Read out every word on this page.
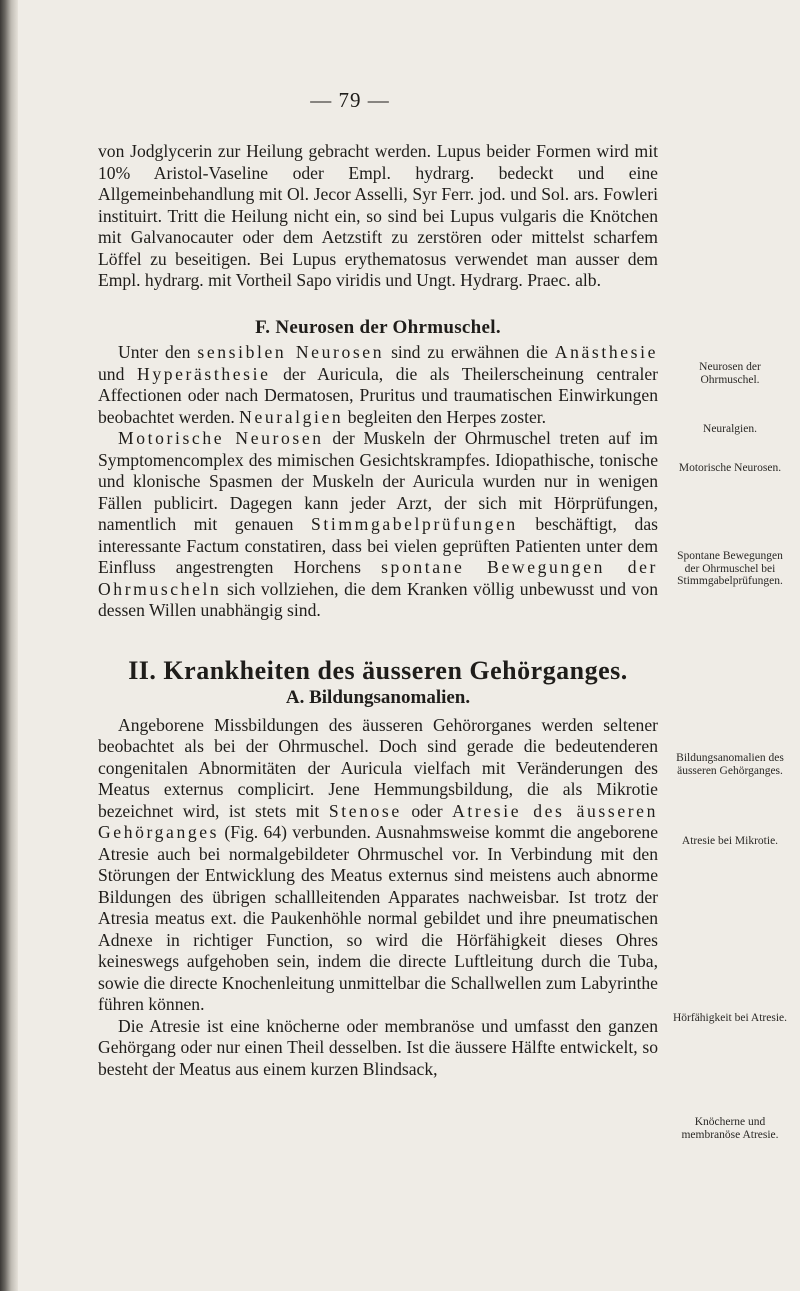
— 79 —

von Jodglycerin zur Heilung gebracht werden. Lupus beider Formen wird mit 10% Aristol-Vaseline oder Empl. hydrarg. bedeckt und eine Allgemeinbehandlung mit Ol. Jecor Asselli, Syr Ferr. jod. und Sol. ars. Fowleri instituirt. Tritt die Heilung nicht ein, so sind bei Lupus vulgaris die Knötchen mit Galvanocauter oder dem Aetzstift zu zerstören oder mittelst scharfem Löffel zu beseitigen. Bei Lupus erythematosus verwendet man ausser dem Empl. hydrarg. mit Vortheil Sapo viridis und Ungt. Hydrarg. Praec. alb.

F. Neurosen der Ohrmuschel.

Unter den sensiblen Neurosen sind zu erwähnen die Anästhesie und Hyperästhesie der Auricula, die als Theilerscheinung centraler Affectionen oder nach Dermatosen, Pruritus und traumatischen Einwirkungen beobachtet werden. Neuralgien begleiten den Herpes zoster.

Motorische Neurosen der Muskeln der Ohrmuschel treten auf im Symptomencomplex des mimischen Gesichtskrampfes. Idiopathische, tonische und klonische Spasmen der Muskeln der Auricula wurden nur in wenigen Fällen publicirt. Dagegen kann jeder Arzt, der sich mit Hörprüfungen, namentlich mit genauen Stimmgabelprüfungen beschäftigt, das interessante Factum constatiren, dass bei vielen geprüften Patienten unter dem Einfluss angestrengten Horchens spontane Bewegungen der Ohrmuscheln sich vollziehen, die dem Kranken völlig unbewusst und von dessen Willen unabhängig sind.

II. Krankheiten des äusseren Gehörganges.
A. Bildungsanomalien.

Angeborene Missbildungen des äusseren Gehörorganes werden seltener beobachtet als bei der Ohrmuschel. Doch sind gerade die bedeutenderen congenitalen Abnormitäten der Auricula vielfach mit Veränderungen des Meatus externus complicirt. Jene Hemmungsbildung, die als Mikrotie bezeichnet wird, ist stets mit Stenose oder Atresie des äusseren Gehörganges (Fig. 64) verbunden. Ausnahmsweise kommt die angeborene Atresie auch bei normalgebildeter Ohrmuschel vor. In Verbindung mit den Störungen der Entwicklung des Meatus externus sind meistens auch abnorme Bildungen des übrigen schallleitenden Apparates nachweisbar. Ist trotz der Atresia meatus ext. die Paukenhöhle normal gebildet und ihre pneumatischen Adnexe in richtiger Function, so wird die Hörfähigkeit dieses Ohres keineswegs aufgehoben sein, indem die directe Luftleitung durch die Tuba, sowie die directe Knochenleitung unmittelbar die Schallwellen zum Labyrinthe führen können.

Die Atresie ist eine knöcherne oder membranöse und umfasst den ganzen Gehörgang oder nur einen Theil desselben. Ist die äussere Hälfte entwickelt, so besteht der Meatus aus einem kurzen Blindsack,

Neurosen der Ohrmuschel.
Neuralgien.
Motorische Neurosen.
Spontane Bewegungen der Ohrmuschel bei Stimmgabelprüfungen.
Bildungsanomalien des äusseren Gehörganges.
Atresie bei Mikrotie.
Hörfähigkeit bei Atresie.
Knöcherne und membranöse Atresie.
